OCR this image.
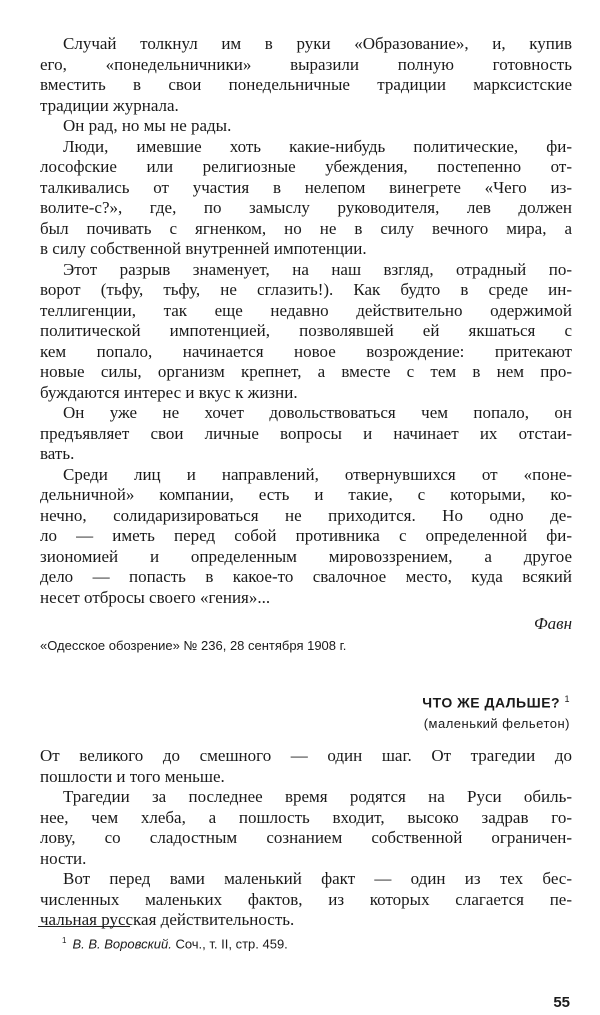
Случай толкнул им в руки «Образование», и, купив
его, «понедельничники» выразили полную готовность
вместить в свои понедельничные традиции марксистские
традиции журнала.
Он рад, но мы не рады.
Люди, имевшие хоть какие-нибудь политические, фи-
лософские или религиозные убеждения, постепенно от-
талкивались от участия в нелепом винегрете «Чего из-
волите-с?», где, по замыслу руководителя, лев должен
был почивать с ягненком, но не в силу вечного мира, а
в силу собственной внутренней импотенции.
Этот разрыв знаменует, на наш взгляд, отрадный по-
ворот (тьфу, тьфу, не сглазить!). Как будто в среде ин-
теллигенции, так еще недавно действительно одержимой
политической импотенцией, позволявшей ей якшаться с
кем попало, начинается новое возрождение: притекают
новые силы, организм крепнет, а вместе с тем в нем про-
буждаются интерес и вкус к жизни.
Он уже не хочет довольствоваться чем попало, он
предъявляет свои личные вопросы и начинает их отстаи-
вать.
Среди лиц и направлений, отвернувшихся от «поне-
дельничной» компании, есть и такие, с которыми, ко-
нечно, солидаризироваться не приходится. Но одно де-
ло — иметь перед собой противника с определенной фи-
зиономией и определенным мировоззрением, а другое
дело — попасть в какое-то свалочное место, куда всякий
несет отбросы своего «гения»...
Фавн
«Одесское обозрение» № 236, 28 сентября 1908 г.
ЧТО ЖЕ ДАЛЬШЕ? $^1$
(маленький фельетон)
От великого до смешного — один шаг. От трагедии до
пошлости и того меньше.
Трагедии за последнее время родятся на Руси обиль-
нее, чем хлеба, а пошлость входит, высоко задрав го-
лову, со сладостным сознанием собственной ограничен-
ности.
Вот перед вами маленький факт — один из тех бес-
численных маленьких фактов, из которых слагается пе-
чальная русская действительность.
$^1$ В. В. Воровский. Соч., т. II, стр. 459.
55
